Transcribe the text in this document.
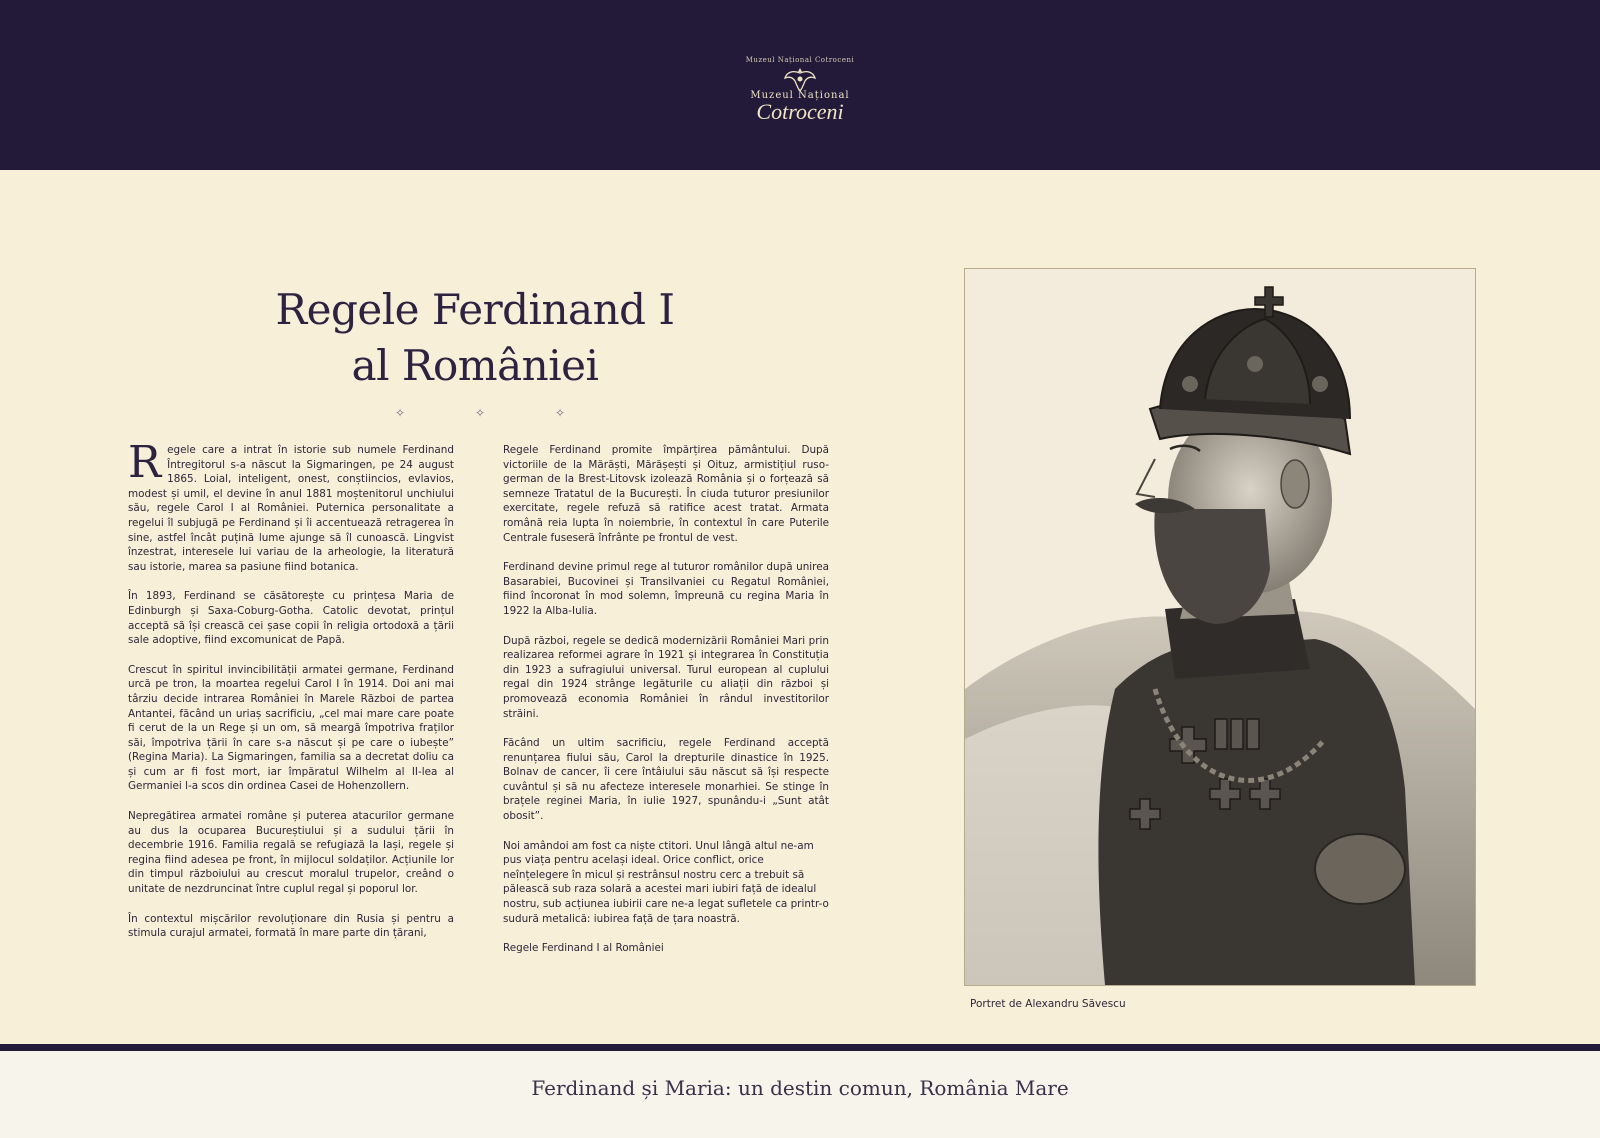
Muzeul Național Cotroceni
Muzeul Național
Cotroceni
Regele Ferdinand I
al României
✧	✧	✧

Regele care a intrat în istorie sub numele Ferdinand Întregitorul s-a născut la Sigmaringen, pe 24 august 1865. Loial, inteligent, onest, conștiincios, evlavios, modest și umil, el devine în anul 1881 moștenitorul unchiului său, regele Carol I al României. Puternica personalitate a regelui îl subjugă pe Ferdinand și îi accentuează retragerea în sine, astfel încât puțină lume ajunge să îl cunoască. Lingvist înzestrat, interesele lui variau de la arheologie, la literatură sau istorie, marea sa pasiune fiind botanica.

În 1893, Ferdinand se căsătorește cu prințesa Maria de Edinburgh și Saxa-Coburg-Gotha. Catolic devotat, prințul acceptă să își crească cei șase copii în religia ortodoxă a țării sale adoptive, fiind excomunicat de Papă.

Crescut în spiritul invincibilității armatei germane, Ferdinand urcă pe tron, la moartea regelui Carol I în 1914. Doi ani mai târziu decide intrarea României în Marele Război de partea Antantei, făcând un uriaș sacrificiu, „cel mai mare care poate fi cerut de la un Rege și un om, să meargă împotriva fraților săi, împotriva țării în care s-a născut și pe care o iubește” (Regina Maria). La Sigmaringen, familia sa a decretat doliu ca și cum ar fi fost mort, iar împăratul Wilhelm al II-lea al Germaniei l-a scos din ordinea Casei de Hohenzollern.

Nepregătirea armatei române și puterea atacurilor germane au dus la ocuparea Bucureștiului și a sudului țării în decembrie 1916. Familia regală se refugiază la Iași, regele și regina fiind adesea pe front, în mijlocul soldaților. Acțiunile lor din timpul războiului au crescut moralul trupelor, creând o unitate de nezdruncinat între cuplul regal și poporul lor.

În contextul mișcărilor revoluționare din Rusia și pentru a stimula curajul armatei, formată în mare parte din țărani,

Regele Ferdinand promite împărțirea pământului. După victoriile de la Mărăști, Mărășești și Oituz, armistițiul ruso-german de la Brest-Litovsk izolează România și o forțează să semneze Tratatul de la București. În ciuda tuturor presiunilor exercitate, regele refuză să ratifice acest tratat. Armata română reia lupta în noiembrie, în contextul în care Puterile Centrale fuseseră înfrânte pe frontul de vest.

Ferdinand devine primul rege al tuturor românilor după unirea Basarabiei, Bucovinei și Transilvaniei cu Regatul României, fiind încoronat în mod solemn, împreună cu regina Maria în 1922 la Alba-Iulia.

După război, regele se dedică modernizării României Mari prin realizarea reformei agrare în 1921 și integrarea în Constituția din 1923 a sufragiului universal. Turul european al cuplului regal din 1924 strânge legăturile cu aliații din război și promovează economia României în rândul investitorilor străini.

Făcând un ultim sacrificiu, regele Ferdinand acceptă renunțarea fiului său, Carol la drepturile dinastice în 1925. Bolnav de cancer, îi cere întâiului său născut să își respecte cuvântul și să nu afecteze interesele monarhiei. Se stinge în brațele reginei Maria, în iulie 1927, spunându-i „Sunt atât obosit”.

Noi amândoi am fost ca niște ctitori. Unul lângă altul ne-am pus viața pentru același ideal. Orice conflict, orice neînțelegere în micul și restrânsul nostru cerc a trebuit să pălească sub raza solară a acestei mari iubiri față de idealul nostru, sub acțiunea iubirii care ne-a legat sufletele ca printr-o sudură metalică: iubirea față de țara noastră.

Regele Ferdinand I al României

Portret de Alexandru Săvescu
Ferdinand și Maria: un destin comun, România Mare
